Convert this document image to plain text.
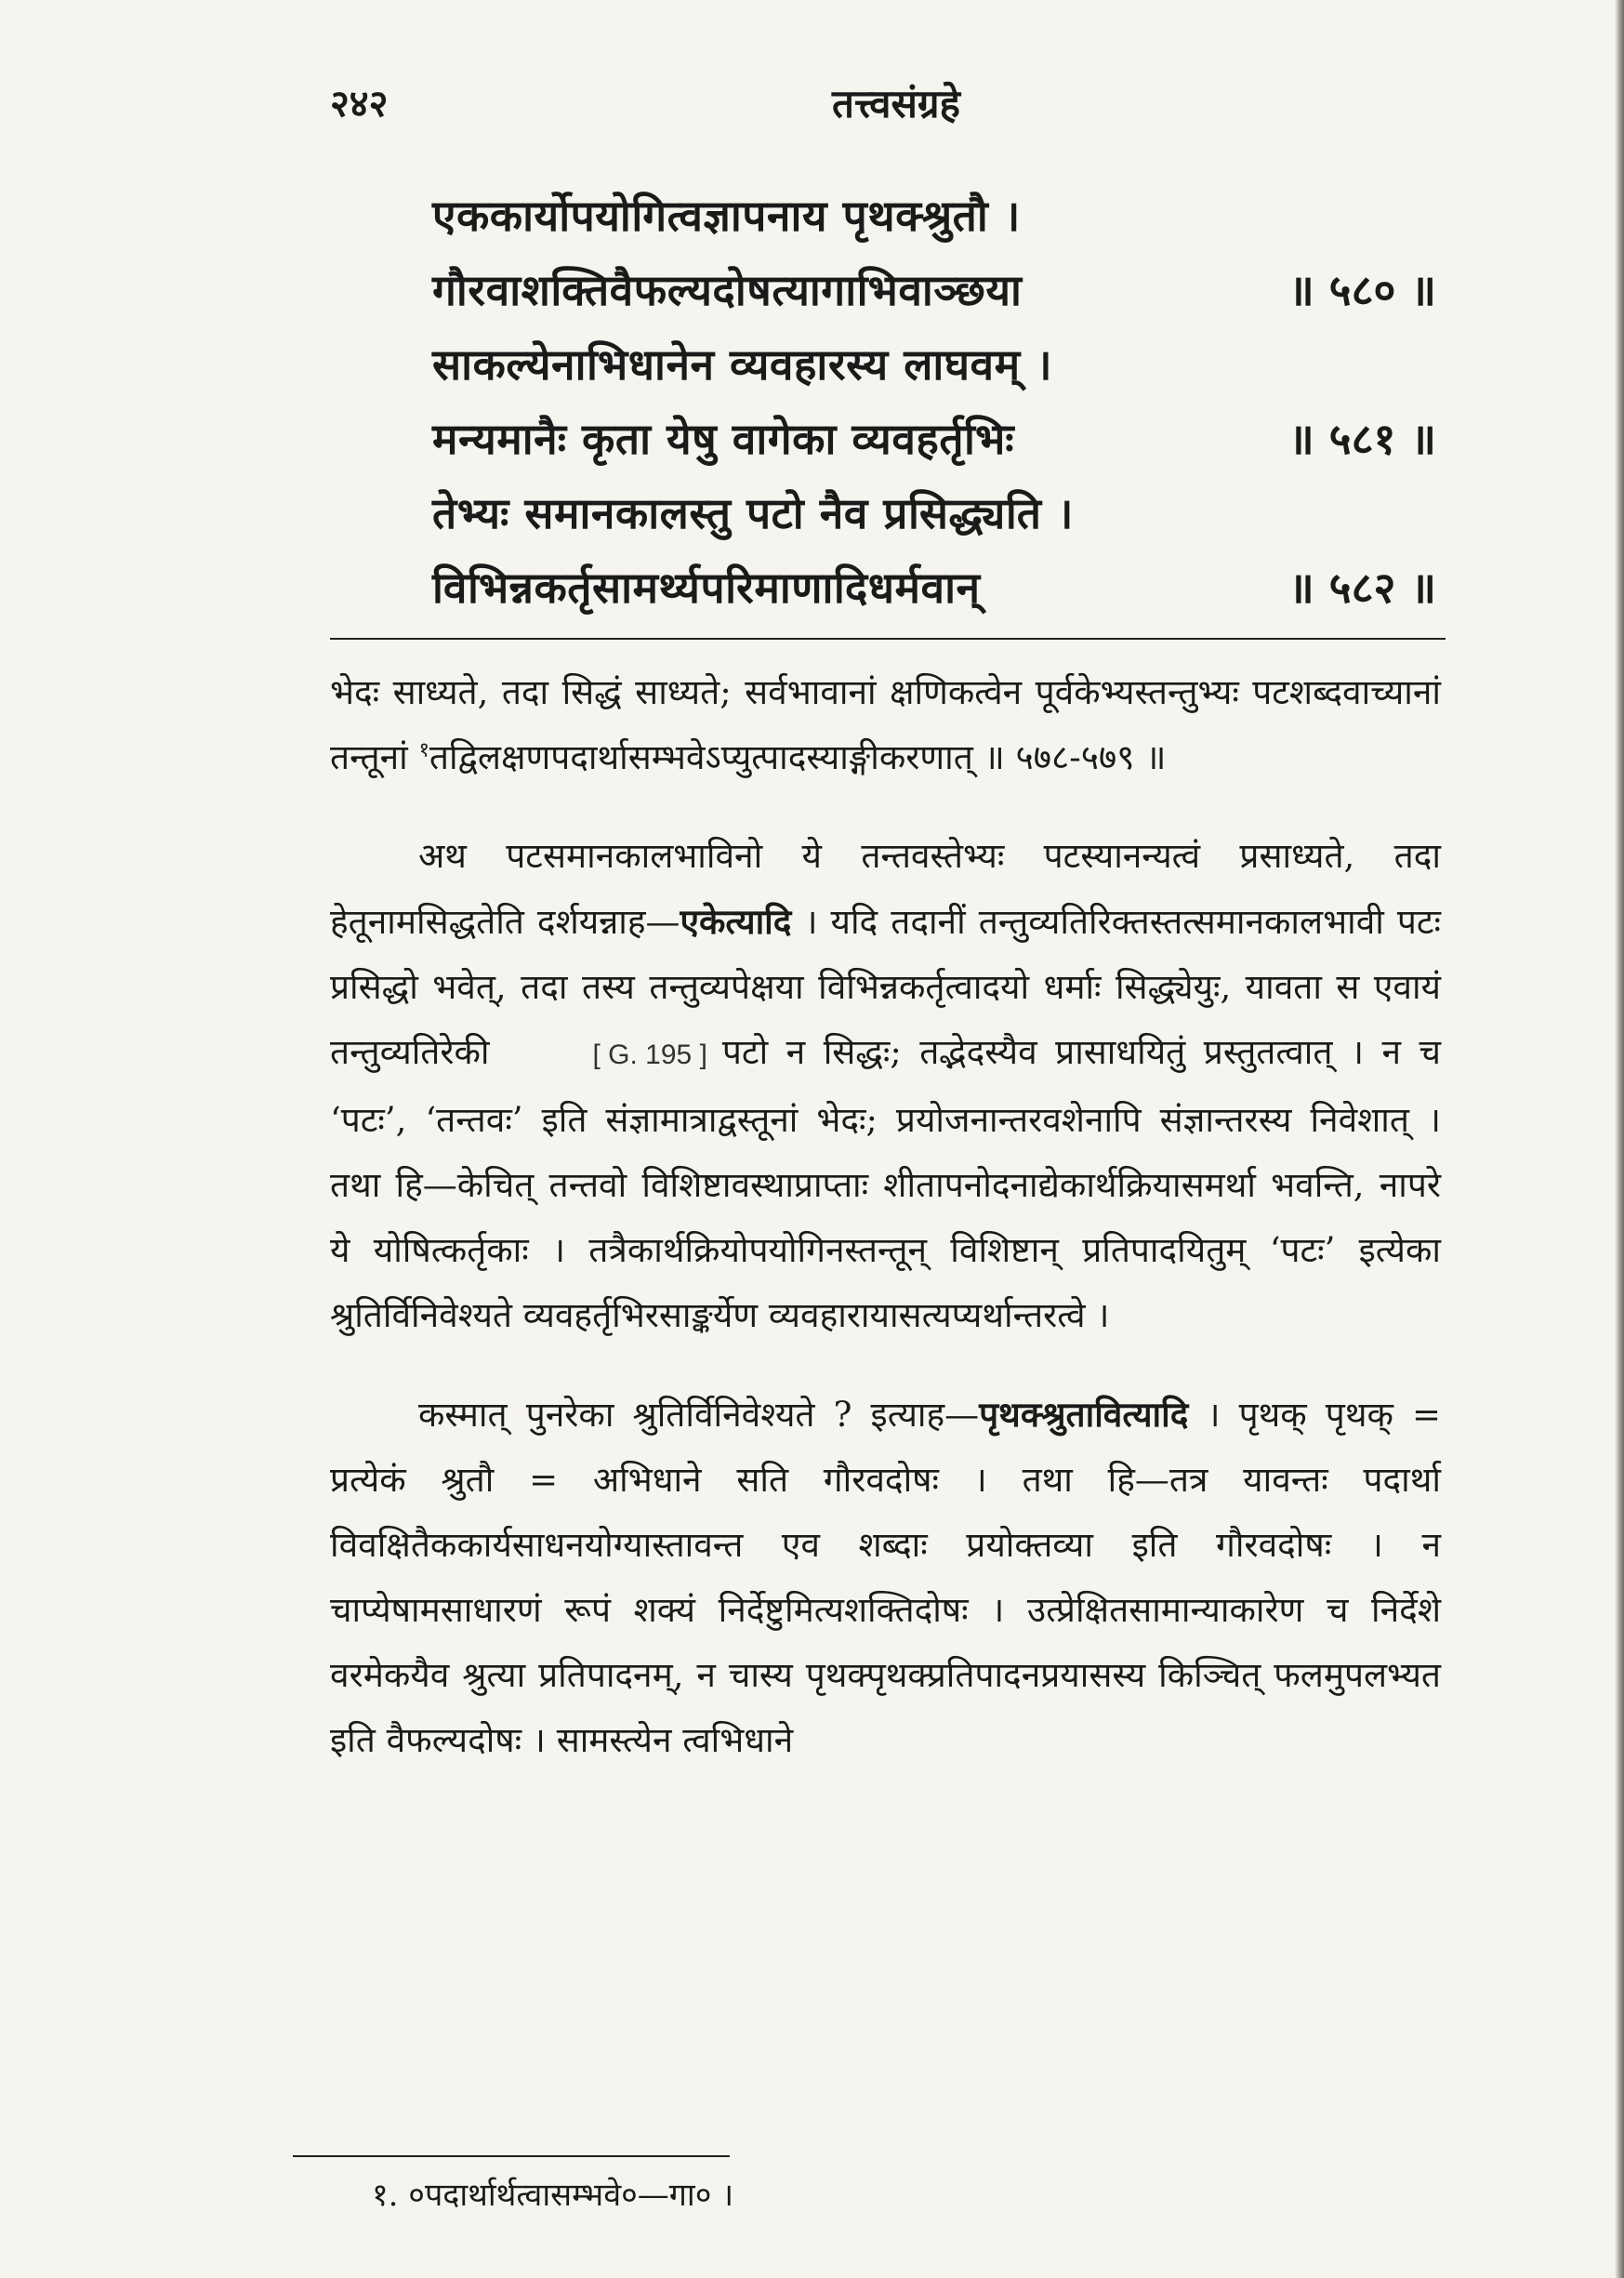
२४२	तत्त्वसंग्रहे
एककार्योपयोगित्वज्ञापनाय पृथक्श्रुतौ ।
गौरवाशक्तिवैफल्यदोषत्यागाभिवाञ्छया	॥ ५८० ॥
साकल्येनाभिधानेन व्यवहारस्य लाघवम् ।
मन्यमानैः कृता येषु वागेका व्यवहर्तृभिः	॥ ५८१ ॥
तेभ्यः समानकालस्तु पटो नैव प्रसिद्ध्यति ।
विभिन्नकर्तृसामर्थ्यपरिमाणादिधर्मवान्	॥ ५८२ ॥

भेदः साध्यते, तदा सिद्धं साध्यते; सर्वभावानां क्षणिकत्वेन पूर्वकेभ्यस्तन्तुभ्यः पटशब्दवाच्यानां तन्तूनां $^१$तद्विलक्षणपदार्थासम्भवेऽप्युत्पादस्याङ्गीकरणात् ॥ ५७८-५७९ ॥

अथ पटसमानकालभाविनो ये तन्तवस्तेभ्यः पटस्यानन्यत्वं प्रसाध्यते, तदा हेतूनामसिद्धतेति दर्शयन्नाह—एकेत्यादि । यदि तदानीं तन्तुव्यतिरिक्तस्तत्समानकालभावी पटः प्रसिद्धो भवेत्, तदा तस्य तन्तुव्यपेक्षया विभिन्नकर्तृत्वादयो धर्माः सिद्ध्येयुः, यावता स एवायं तन्तुव्यतिरेकी	[ G. 195 ] पटो न सिद्धः; तद्भेदस्यैव प्रासाधयितुं प्रस्तुतत्वात् । न च ‘पटः’, ‘तन्तवः’ इति संज्ञामात्राद्वस्तूनां भेदः; प्रयोजनान्तरवशेनापि संज्ञान्तरस्य निवेशात् । तथा हि—केचित् तन्तवो विशिष्टावस्थाप्राप्ताः शीतापनोदनाद्येकार्थक्रियासमर्था भवन्ति, नापरे ये योषित्कर्तृकाः । तत्रैकार्थक्रियोपयोगिनस्तन्तून् विशिष्टान् प्रतिपादयितुम् ‘पटः’ इत्येका श्रुतिर्विनिवेश्यते व्यवहर्तृभिरसाङ्कर्येण व्यवहारायासत्यप्यर्थान्तरत्वे ।

कस्मात् पुनरेका श्रुतिर्विनिवेश्यते ? इत्याह—पृथक्श्रुतावित्यादि । पृथक् पृथक् = प्रत्येकं श्रुतौ = अभिधाने सति गौरवदोषः । तथा हि—तत्र यावन्तः पदार्था विवक्षितैककार्यसाधनयोग्यास्तावन्त एव शब्दाः प्रयोक्तव्या इति गौरवदोषः । न चाप्येषामसाधारणं रूपं शक्यं निर्देष्टुमित्यशक्तिदोषः । उत्प्रेक्षितसामान्याकारेण च निर्देशे वरमेकयैव श्रुत्या प्रतिपादनम्, न चास्य पृथक्पृथक्प्रतिपादनप्रयासस्य किञ्चित् फलमुपलभ्यत इति वैफल्यदोषः । सामस्त्येन त्वभिधाने

१. ०पदार्थार्थत्वासम्भवे०—गा० ।
